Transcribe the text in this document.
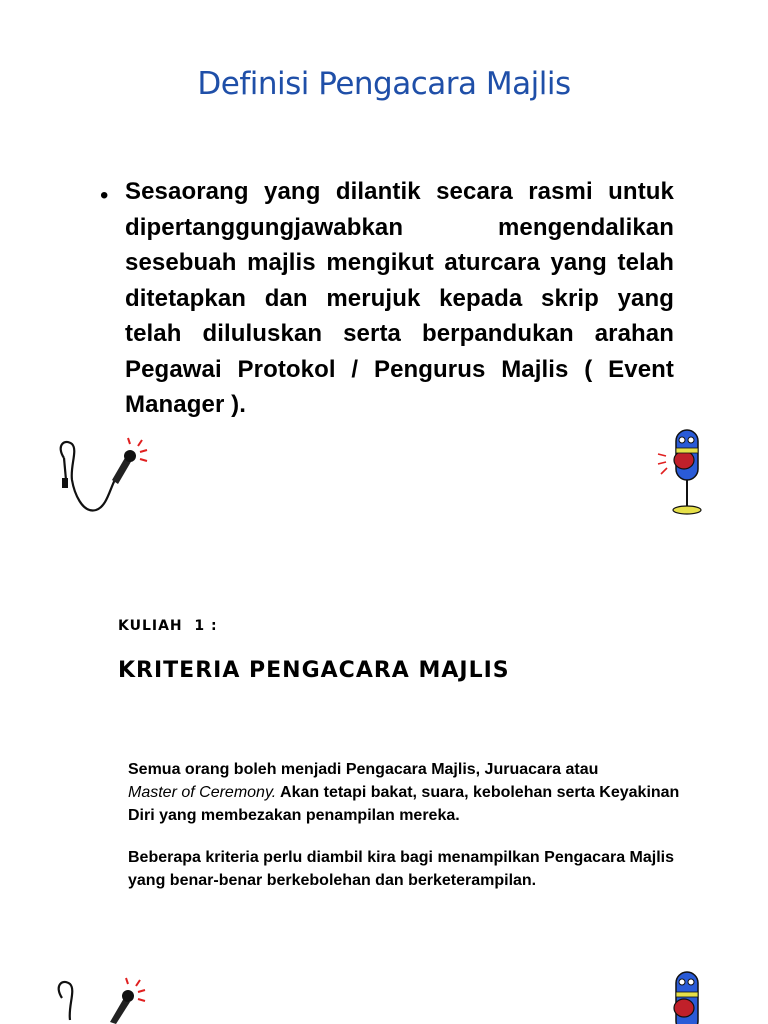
Definisi Pengacara Majlis
• Sesaorang yang dilantik secara rasmi untuk dipertanggungjawabkan mengendalikan sesebuah majlis mengikut aturcara yang telah ditetapkan dan merujuk kepada skrip yang telah diluluskan serta berpandukan arahan Pegawai Protokol / Pengurus Majlis ( Event Manager ).
KULIAH  1 :
KRITERIA PENGACARA MAJLIS

Semua orang boleh menjadi Pengacara Majlis, Juruacara atau
Master of Ceremony. Akan tetapi bakat, suara, kebolehan serta Keyakinan Diri yang membezakan penampilan mereka.

Beberapa kriteria perlu diambil kira bagi menampilkan Pengacara Majlis yang benar-benar berkebolehan dan berketerampilan.
